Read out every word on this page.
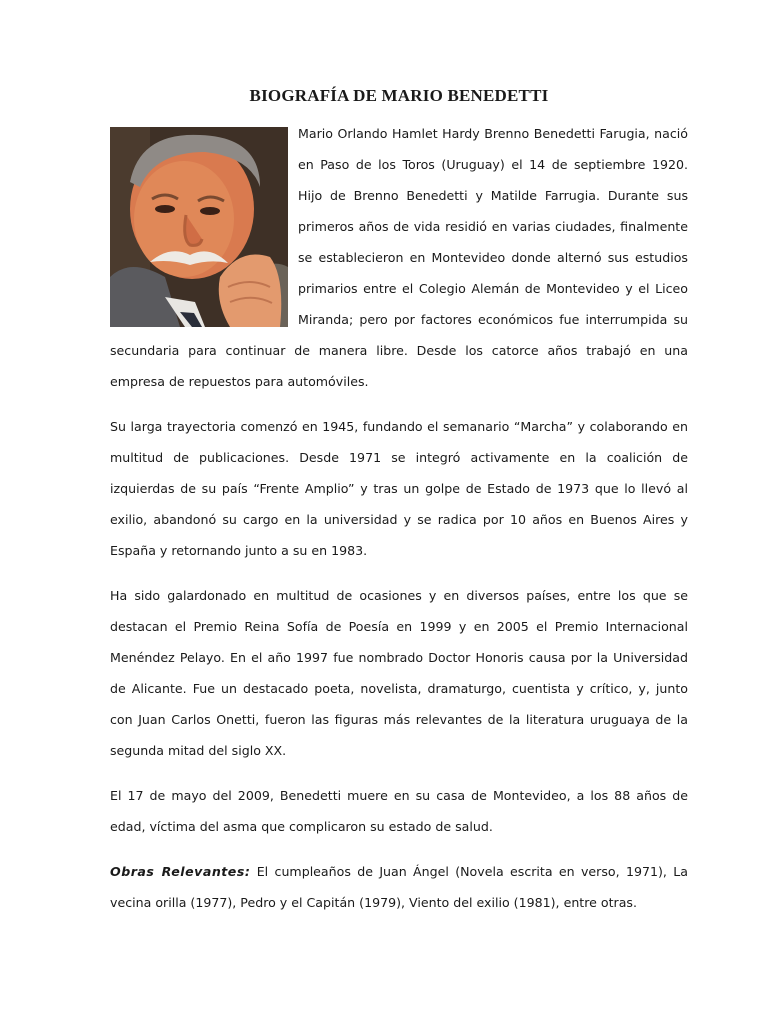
BIOGRAFÍA DE MARIO BENEDETTI

Mario Orlando Hamlet Hardy Brenno Benedetti Farugia, nació en Paso de los Toros (Uruguay) el 14 de septiembre 1920. Hijo de Brenno Benedetti y Matilde Farrugia. Durante sus primeros años de vida residió en varias ciudades, finalmente se establecieron en Montevideo donde alternó sus estudios primarios entre el Colegio Alemán de Montevideo y el Liceo Miranda; pero por factores económicos fue interrumpida su secundaria para continuar de manera libre. Desde los catorce años trabajó en una empresa de repuestos para automóviles.

Su larga trayectoria comenzó en 1945, fundando el semanario “Marcha” y colaborando en multitud de publicaciones. Desde 1971 se integró activamente en la coalición de izquierdas de su país “Frente Amplio” y tras un golpe de Estado de 1973 que lo llevó al exilio, abandonó su cargo en la universidad y se radica por 10 años en Buenos Aires y España y retornando junto a su en 1983.

Ha sido galardonado en multitud de ocasiones y en diversos países, entre los que se destacan el Premio Reina Sofía de Poesía en 1999 y en 2005 el Premio Internacional Menéndez Pelayo. En el año 1997 fue nombrado Doctor Honoris causa por la Universidad de Alicante. Fue un destacado poeta, novelista, dramaturgo, cuentista y crítico, y, junto con Juan Carlos Onetti, fueron las figuras más relevantes de la literatura uruguaya de la segunda mitad del siglo XX.

El 17 de mayo del 2009, Benedetti muere en su casa de Montevideo, a los 88 años de edad, víctima del asma que complicaron su estado de salud.

Obras Relevantes: El cumpleaños de Juan Ángel (Novela escrita en verso, 1971), La vecina orilla (1977), Pedro y el Capitán (1979), Viento del exilio (1981), entre otras.
